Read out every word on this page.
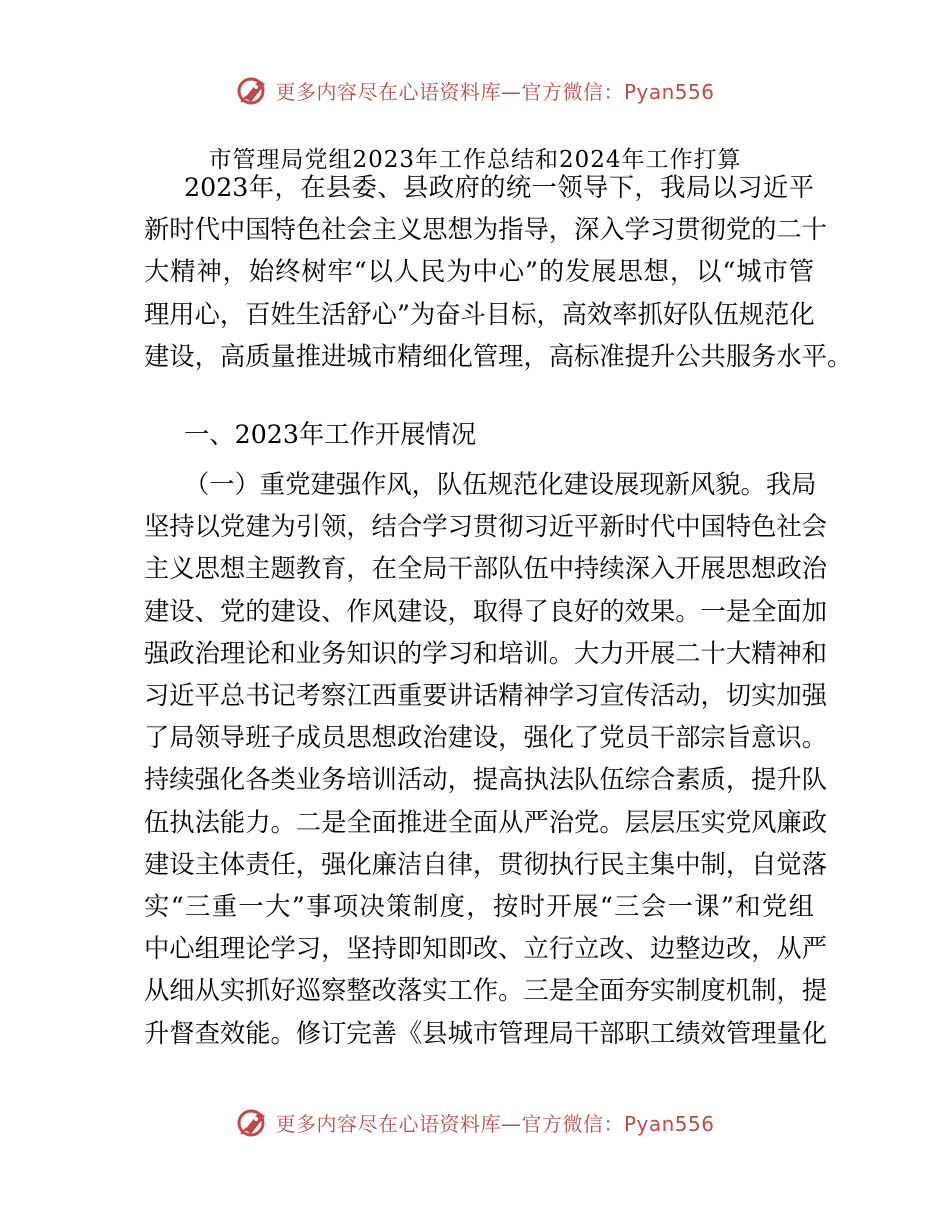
更多内容尽在心语资料库—官方微信：Pyan556
市管理局党组2023年工作总结和2024年工作打算

2023年，在县委、县政府的统一领导下，我局以习近平
新时代中国特色社会主义思想为指导，深入学习贯彻党的二十
大精神，始终树牢“以人民为中心”的发展思想，以“城市管
理用心，百姓生活舒心”为奋斗目标，高效率抓好队伍规范化
建设，高质量推进城市精细化管理，高标准提升公共服务水平。

一、2023年工作开展情况

（一）重党建强作风，队伍规范化建设展现新风貌。我局
坚持以党建为引领，结合学习贯彻习近平新时代中国特色社会
主义思想主题教育，在全局干部队伍中持续深入开展思想政治
建设、党的建设、作风建设，取得了良好的效果。一是全面加
强政治理论和业务知识的学习和培训。大力开展二十大精神和
习近平总书记考察江西重要讲话精神学习宣传活动，切实加强
了局领导班子成员思想政治建设，强化了党员干部宗旨意识。
持续强化各类业务培训活动，提高执法队伍综合素质，提升队
伍执法能力。二是全面推进全面从严治党。层层压实党风廉政
建设主体责任，强化廉洁自律，贯彻执行民主集中制，自觉落
实“三重一大”事项决策制度，按时开展“三会一课”和党组
中心组理论学习，坚持即知即改、立行立改、边整边改，从严
从细从实抓好巡察整改落实工作。三是全面夯实制度机制，提
升督查效能。修订完善《县城市管理局干部职工绩效管理量化

更多内容尽在心语资料库—官方微信：Pyan556
